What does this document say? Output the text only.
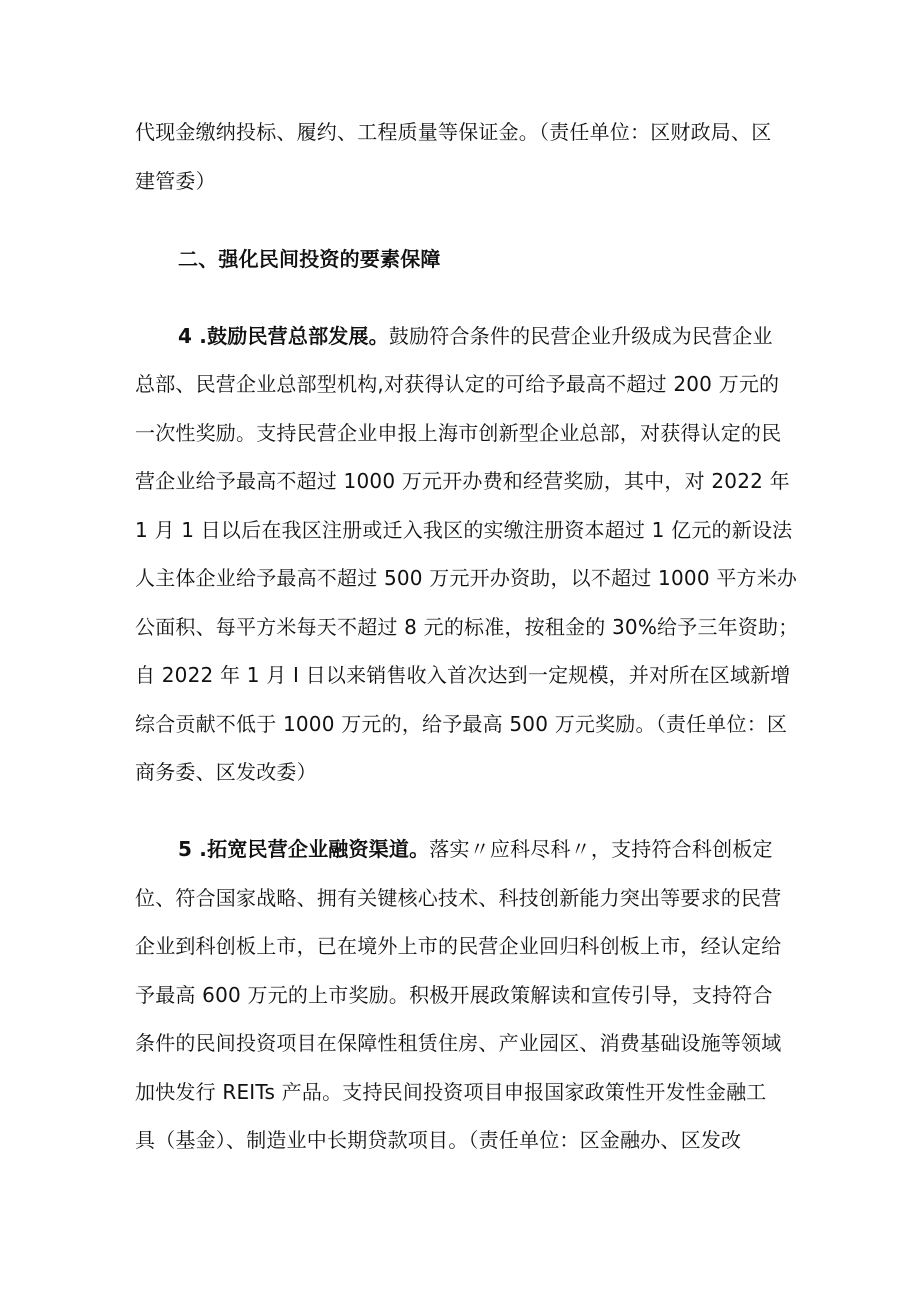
代现金缴纳投标、履约、工程质量等保证金。（责任单位：区财政局、区
建管委）
二、强化民间投资的要素保障
4 .鼓励民营总部发展。鼓励符合条件的民营企业升级成为民营企业
总部、民营企业总部型机构,对获得认定的可给予最高不超过 200 万元的
一次性奖励。支持民营企业申报上海市创新型企业总部，对获得认定的民
营企业给予最高不超过 1000 万元开办费和经营奖励，其中，对 2022 年
1 月 1 日以后在我区注册或迁入我区的实缴注册资本超过 1 亿元的新设法
人主体企业给予最高不超过 500 万元开办资助，以不超过 1000 平方米办
公面积、每平方米每天不超过 8 元的标准，按租金的 30%给予三年资助；
自 2022 年 1 月 I 日以来销售收入首次达到一定规模，并对所在区域新增
综合贡献不低于 1000 万元的，给予最高 500 万元奖励。（责任单位：区
商务委、区发改委）
5 .拓宽民营企业融资渠道。落实〃应科尽科〃，支持符合科创板定
位、符合国家战略、拥有关键核心技术、科技创新能力突出等要求的民营
企业到科创板上市，已在境外上市的民营企业回归科创板上市，经认定给
予最高 600 万元的上市奖励。积极开展政策解读和宣传引导，支持符合
条件的民间投资项目在保障性租赁住房、产业园区、消费基础设施等领域
加快发行 REITs 产品。支持民间投资项目申报国家政策性开发性金融工
具（基金）、制造业中长期贷款项目。（责任单位：区金融办、区发改
